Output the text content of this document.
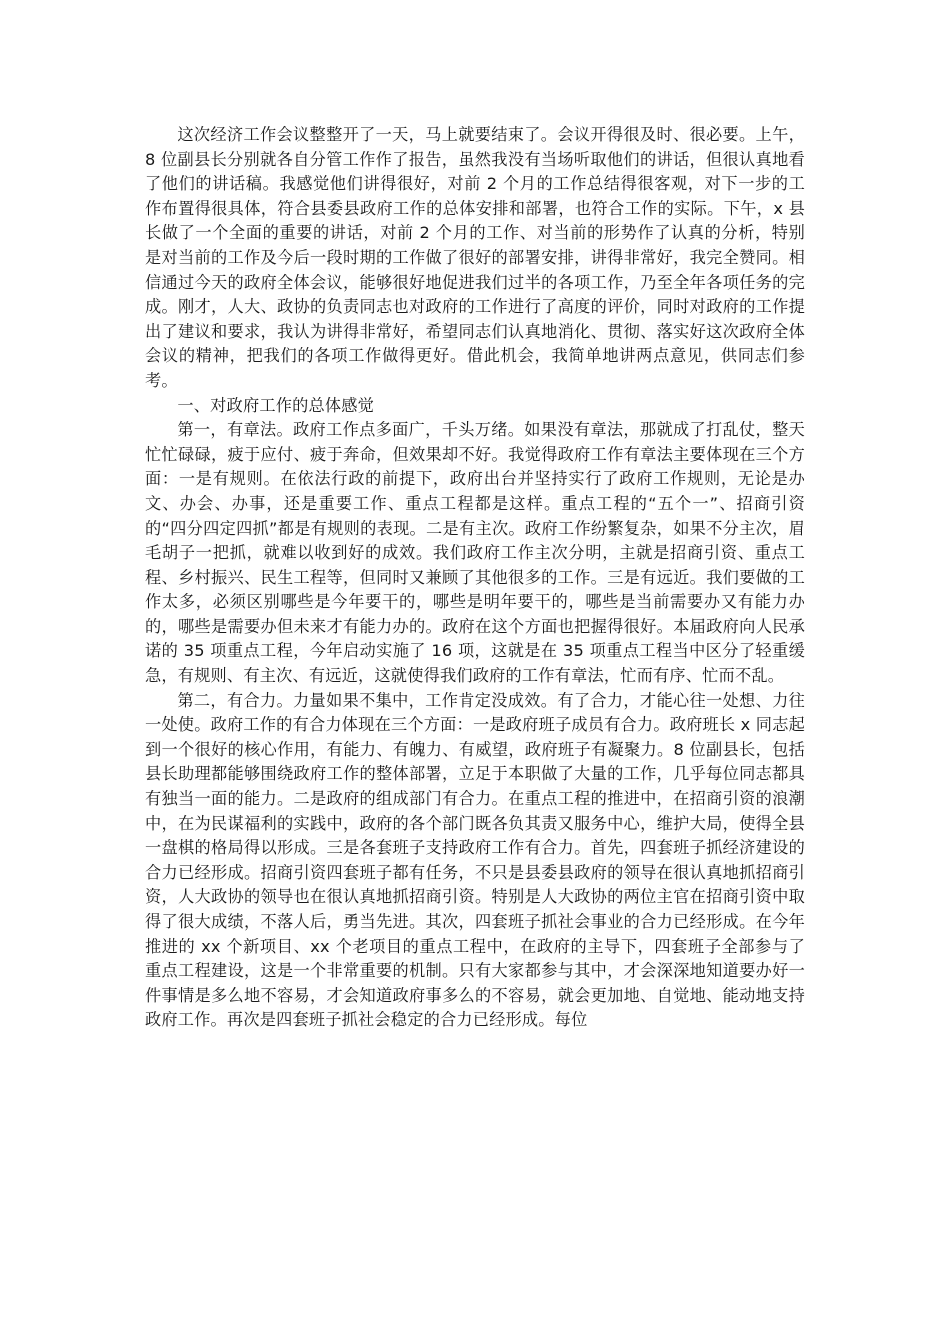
这次经济工作会议整整开了一天，马上就要结束了。会议开得很及时、很必要。上午，8 位副县长分别就各自分管工作作了报告，虽然我没有当场听取他们的讲话，但很认真地看了他们的讲话稿。我感觉他们讲得很好，对前 2 个月的工作总结得很客观，对下一步的工作布置得很具体，符合县委县政府工作的总体安排和部署，也符合工作的实际。下午，x 县长做了一个全面的重要的讲话，对前 2 个月的工作、对当前的形势作了认真的分析，特别是对当前的工作及今后一段时期的工作做了很好的部署安排，讲得非常好，我完全赞同。相信通过今天的政府全体会议，能够很好地促进我们过半的各项工作，乃至全年各项任务的完成。刚才，人大、政协的负责同志也对政府的工作进行了高度的评价，同时对政府的工作提出了建议和要求，我认为讲得非常好，希望同志们认真地消化、贯彻、落实好这次政府全体会议的精神，把我们的各项工作做得更好。借此机会，我简单地讲两点意见，供同志们参考。

一、对政府工作的总体感觉

第一，有章法。政府工作点多面广，千头万绪。如果没有章法，那就成了打乱仗，整天忙忙碌碌，疲于应付、疲于奔命，但效果却不好。我觉得政府工作有章法主要体现在三个方面：一是有规则。在依法行政的前提下，政府出台并坚持实行了政府工作规则，无论是办文、办会、办事，还是重要工作、重点工程都是这样。重点工程的“五个一”、招商引资的“四分四定四抓”都是有规则的表现。二是有主次。政府工作纷繁复杂，如果不分主次，眉毛胡子一把抓，就难以收到好的成效。我们政府工作主次分明，主就是招商引资、重点工程、乡村振兴、民生工程等，但同时又兼顾了其他很多的工作。三是有远近。我们要做的工作太多，必须区别哪些是今年要干的，哪些是明年要干的，哪些是当前需要办又有能力办的，哪些是需要办但未来才有能力办的。政府在这个方面也把握得很好。本届政府向人民承诺的 35 项重点工程，今年启动实施了 16 项，这就是在 35 项重点工程当中区分了轻重缓急，有规则、有主次、有远近，这就使得我们政府的工作有章法，忙而有序、忙而不乱。

第二，有合力。力量如果不集中，工作肯定没成效。有了合力，才能心往一处想、力往一处使。政府工作的有合力体现在三个方面：一是政府班子成员有合力。政府班长 x 同志起到一个很好的核心作用，有能力、有魄力、有威望，政府班子有凝聚力。8 位副县长，包括县长助理都能够围绕政府工作的整体部署，立足于本职做了大量的工作，几乎每位同志都具有独当一面的能力。二是政府的组成部门有合力。在重点工程的推进中，在招商引资的浪潮中，在为民谋福利的实践中，政府的各个部门既各负其责又服务中心，维护大局，使得全县一盘棋的格局得以形成。三是各套班子支持政府工作有合力。首先，四套班子抓经济建设的合力已经形成。招商引资四套班子都有任务，不只是县委县政府的领导在很认真地抓招商引资，人大政协的领导也在很认真地抓招商引资。特别是人大政协的两位主官在招商引资中取得了很大成绩，不落人后，勇当先进。其次，四套班子抓社会事业的合力已经形成。在今年推进的 xx 个新项目、xx 个老项目的重点工程中，在政府的主导下，四套班子全部参与了重点工程建设，这是一个非常重要的机制。只有大家都参与其中，才会深深地知道要办好一件事情是多么地不容易，才会知道政府事多么的不容易，就会更加地、自觉地、能动地支持政府工作。再次是四套班子抓社会稳定的合力已经形成。每位
